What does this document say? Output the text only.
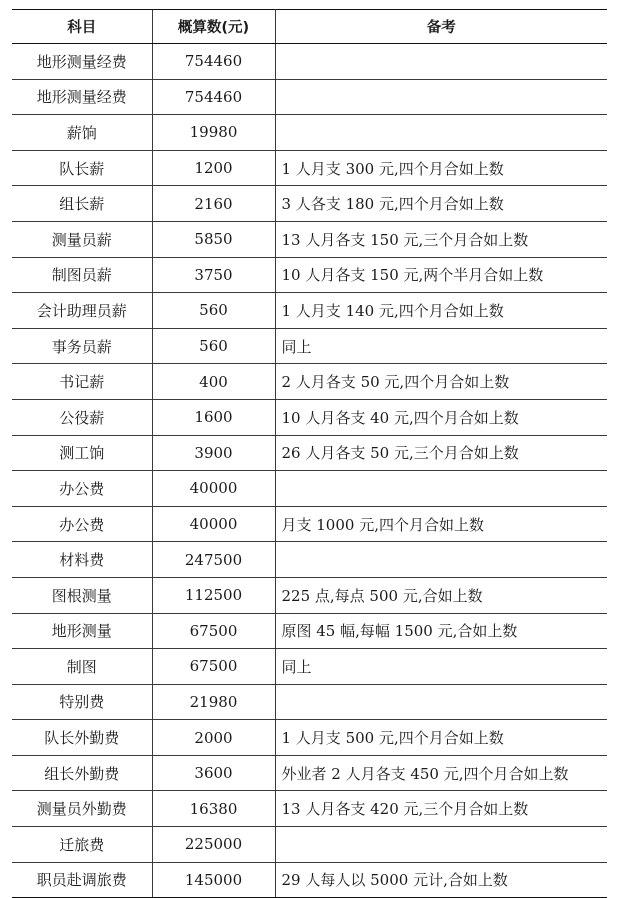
科目	概算数(元)	备考
地形测量经费	754460	
地形测量经费	754460	
薪饷	19980	
队长薪	1200	1 人月支 300 元,四个月合如上数
组长薪	2160	3 人各支 180 元,四个月合如上数
测量员薪	5850	13 人月各支 150 元,三个月合如上数
制图员薪	3750	10 人月各支 150 元,两个半月合如上数
会计助理员薪	560	1 人月支 140 元,四个月合如上数
事务员薪	560	同上
书记薪	400	2 人月各支 50 元,四个月合如上数
公役薪	1600	10 人月各支 40 元,四个月合如上数
测工饷	3900	26 人月各支 50 元,三个月合如上数
办公费	40000	
办公费	40000	月支 1000 元,四个月合如上数
材料费	247500	
图根测量	112500	225 点,每点 500 元,合如上数
地形测量	67500	原图 45 幅,每幅 1500 元,合如上数
制图	67500	同上
特别费	21980	
队长外勤费	2000	1 人月支 500 元,四个月合如上数
组长外勤费	3600	外业者 2 人月各支 450 元,四个月合如上数
测量员外勤费	16380	13 人月各支 420 元,三个月合如上数
迁旅费	225000	
职员赴调旅费	145000	29 人每人以 5000 元计,合如上数
